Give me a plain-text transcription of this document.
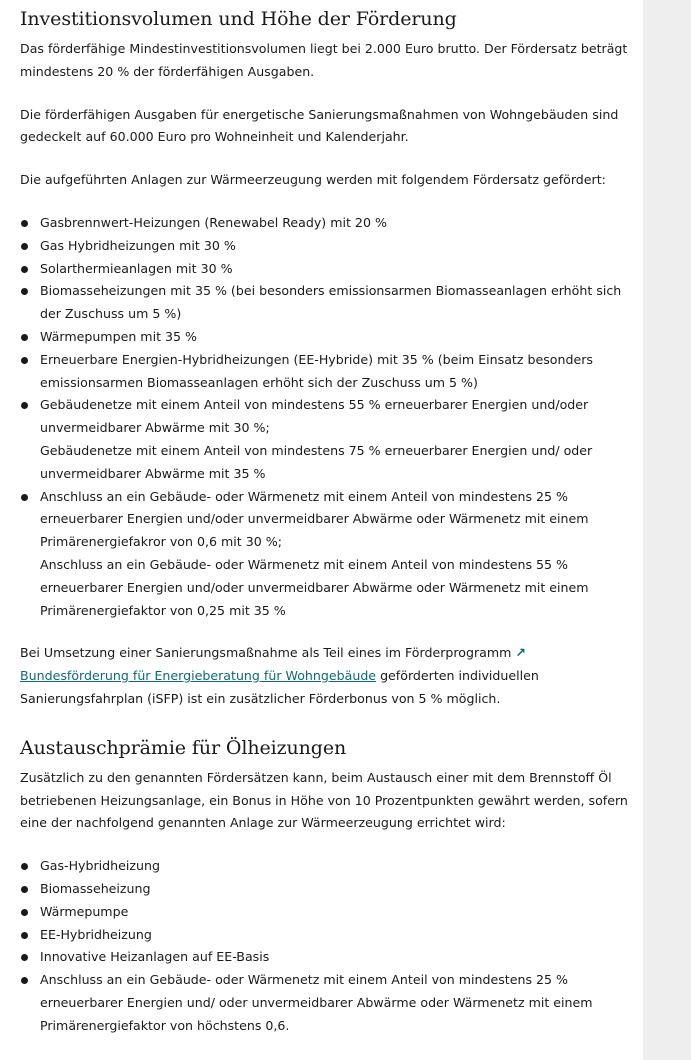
Investitionsvolumen und Höhe der Förderung

Das förderfähige Mindestinvestitionsvolumen liegt bei 2.000 Euro brutto. Der Fördersatz beträgt mindestens 20 % der förderfähigen Ausgaben.

Die förderfähigen Ausgaben für energetische Sanierungsmaßnahmen von Wohngebäuden sind gedeckelt auf 60.000 Euro pro Wohneinheit und Kalenderjahr.

Die aufgeführten Anlagen zur Wärmeerzeugung werden mit folgendem Fördersatz gefördert:

Gasbrennwert-Heizungen (Renewabel Ready) mit 20 %
Gas Hybridheizungen mit 30 %
Solarthermieanlagen mit 30 %
Biomasseheizungen mit 35 % (bei besonders emissionsarmen Biomasseanlagen erhöht sich der Zuschuss um 5 %)
Wärmepumpen mit 35 %
Erneuerbare Energien-Hybridheizungen (EE-Hybride) mit 35 % (beim Einsatz besonders emissionsarmen Biomasseanlagen erhöht sich der Zuschuss um 5 %)
Gebäudenetze mit einem Anteil von mindestens 55 % erneuerbarer Energien und/oder unvermeidbarer Abwärme mit 30 %;
Gebäudenetze mit einem Anteil von mindestens 75 % erneuerbarer Energien und/ oder unvermeidbarer Abwärme mit 35 %
Anschluss an ein Gebäude- oder Wärmenetz mit einem Anteil von mindestens 25 % erneuerbarer Energien und/oder unvermeidbarer Abwärme oder Wärmenetz mit einem Primärenergiefakror von 0,6 mit 30 %;
Anschluss an ein Gebäude- oder Wärmenetz mit einem Anteil von mindestens 55 % erneuerbarer Energien und/oder unvermeidbarer Abwärme oder Wärmenetz mit einem Primärenergiefaktor von 0,25 mit 35 %

Bei Umsetzung einer Sanierungsmaßnahme als Teil eines im Förderprogramm ↗Bundesförderung für Energieberatung für Wohngebäude geförderten individuellen Sanierungsfahrplan (iSFP) ist ein zusätzlicher Förderbonus von 5 % möglich.

Austauschprämie für Ölheizungen

Zusätzlich zu den genannten Fördersätzen kann, beim Austausch einer mit dem Brennstoff Öl betriebenen Heizungsanlage, ein Bonus in Höhe von 10 Prozentpunkten gewährt werden, sofern eine der nachfolgend genannten Anlage zur Wärmeerzeugung errichtet wird:

Gas-Hybridheizung
Biomasseheizung
Wärmepumpe
EE-Hybridheizung
Innovative Heizanlagen auf EE-Basis
Anschluss an ein Gebäude- oder Wärmenetz mit einem Anteil von mindestens 25 % erneuerbarer Energien und/ oder unvermeidbarer Abwärme oder Wärmenetz mit einem Primärenergiefaktor von höchstens 0,6.
